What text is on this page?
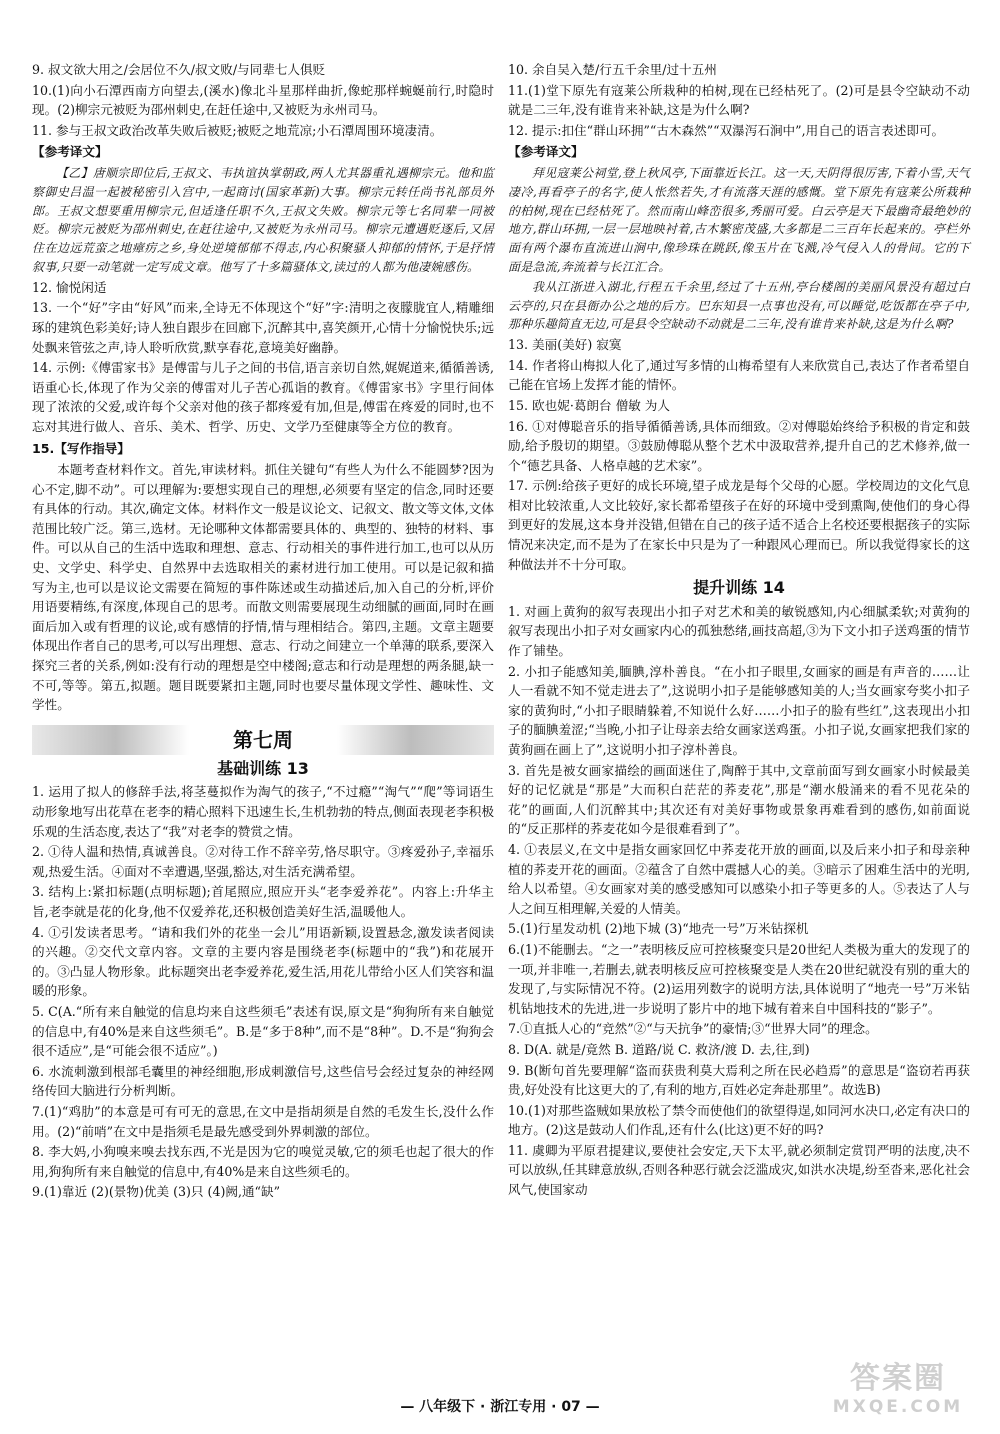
9. 叔文欲大用之/会居位不久/叔文败/与同辈七人俱贬

10.(1)向小石潭西南方向望去,(溪水)像北斗星那样曲折,像蛇那样蜿蜒前行,时隐时现。(2)柳宗元被贬为邵州刺史,在赶任途中,又被贬为永州司马。

11. 参与王叔文政治改革失败后被贬;被贬之地荒凉;小石潭周围环境凄清。

【参考译文】

【乙】唐顺宗即位后,王叔文、韦执谊执掌朝政,两人尤其器重礼遇柳宗元。他和监察御史吕温一起被秘密引入宫中,一起商讨(国家革新)大事。柳宗元转任尚书礼部员外郎。王叔文想要重用柳宗元,但适逢任职不久,王叔文失败。柳宗元等七名同辈一同被贬。柳宗元被贬为邵州刺史,在赶往途中,又被贬为永州司马。柳宗元遭遇贬逐后,又居住在边远荒蛮之地瘴疠之乡,身处逆境郁郁不得志,内心积聚骚人抑郁的情怀,于是抒情叙事,只要一动笔就一定写成文章。他写了十多篇骚体文,读过的人都为他凄婉感伤。

12. 愉悦闲适

13. 一个“好”字由“好风”而来,全诗无不体现这个“好”字:清明之夜朦胧宜人,精雕细琢的建筑色彩美好;诗人独自跟步在回廊下,沉醉其中,喜笑颜开,心情十分愉悦快乐;远处飘来管弦之声,诗人聆听欣赏,默享春花,意境美好幽静。

14. 示例:《傅雷家书》是傅雷与儿子之间的书信,语言亲切自然,娓娓道来,循循善诱,语重心长,体现了作为父亲的傅雷对儿子苦心孤诣的教育。《傅雷家书》字里行间体现了浓浓的父爱,或许每个父亲对他的孩子都疼爱有加,但是,傅雷在疼爱的同时,也不忘对其进行做人、音乐、美术、哲学、历史、文学乃至健康等全方位的教育。

15.【写作指导】

本题考查材料作文。首先,审读材料。抓住关键句“有些人为什么不能圆梦?因为心不定,脚不动”。可以理解为:要想实现自己的理想,必须要有坚定的信念,同时还要有具体的行动。其次,确定文体。材料作文一般是议论文、记叙文、散文等文体,文体范围比较广泛。第三,选材。无论哪种文体都需要具体的、典型的、独特的材料、事件。可以从自己的生活中选取和理想、意志、行动相关的事件进行加工,也可以从历史、文学史、科学史、自然界中去选取相关的素材进行加工使用。可以是记叙和描写为主,也可以是议论文需要在简短的事件陈述或生动描述后,加入自己的分析,评价用语要精练,有深度,体现自己的思考。而散文则需要展现生动细腻的画面,同时在画面后加入或有哲理的议论,或有感情的抒情,情与理相结合。第四,主题。文章主题要体现出作者自己的思考,可以写出理想、意志、行动之间建立一个单薄的联系,要深入探究三者的关系,例如:没有行动的理想是空中楼阁;意志和行动是理想的两条腿,缺一不可,等等。第五,拟题。题目既要紧扣主题,同时也要尽量体现文学性、趣味性、文学性。

第七周
基础训练 13

1. 运用了拟人的修辞手法,将茎蔓拟作为淘气的孩子,“不过瘾”“淘气”“爬”等词语生动形象地写出花草在老李的精心照料下迅速生长,生机勃勃的特点,侧面表现老李积极乐观的生活态度,表达了“我”对老李的赞赏之情。

2. ①待人温和热情,真诚善良。②对待工作不辞辛劳,恪尽职守。③疼爱孙子,幸福乐观,热爱生活。④面对不幸遭遇,坚强,豁达,对生活充满希望。

3. 结构上:紧扣标题(点明标题);首尾照应,照应开头“老李爱养花”。内容上:升华主旨,老李就是花的化身,他不仅爱养花,还积极创造美好生活,温暖他人。

4. ①引发读者思考。“请和我们外的花坐一会儿”用语新颖,设置悬念,激发读者阅读的兴趣。②交代文章内容。文章的主要内容是围绕老李(标题中的“我”)和花展开的。③凸显人物形象。此标题突出老李爱养花,爱生活,用花儿带给小区人们笑容和温暖的形象。

5. C(A.“所有来自触觉的信息均来自这些须毛”表述有误,原文是“狗狗所有来自触觉的信息中,有40%是来自这些须毛”。B.是“多于8种”,而不是“8种”。D.不是“狗狗会很不适应”,是“可能会很不适应”。)

6. 水流刺激到根部毛囊里的神经细胞,形成刺激信号,这些信号会经过复杂的神经网络传回大脑进行分析判断。

7.(1)“鸡肋”的本意是可有可无的意思,在文中是指胡须是自然的毛发生长,没什么作用。(2)“前哨”在文中是指须毛是最先感受到外界刺激的部位。

8. 李大妈,小狗嗅来嗅去找东西,不光是因为它的嗅觉灵敏,它的须毛也起了很大的作用,狗狗所有来自触觉的信息中,有40%是来自这些须毛的。

9.(1)靠近 (2)(景物)优美 (3)只 (4)阙,通“缺”

10. 余自吴入楚/行五千余里/过十五州

11.(1)堂下原先有寇莱公所栽种的柏树,现在已经枯死了。(2)可是县令空缺动不动就是二三年,没有谁肯来补缺,这是为什么啊?

12. 提示:扣住“群山环拥”“古木森然”“双瀑泻石涧中”,用自己的语言表述即可。

【参考译文】

拜见寇莱公祠堂,登上秋风亭,下面靠近长江。这一天,天阴得很厉害,下着小雪,天气凄冷,再看亭子的名字,使人怅然若失,才有流落天涯的感慨。堂下原先有寇莱公所栽种的柏树,现在已经枯死了。然而南山峰峦很多,秀丽可爱。白云亭是天下最幽奇最绝妙的地方,群山环拥,一层一层地映衬着,古木繁密茂盛,大多都是二三百年长起来的。亭栏外面有两个瀑布直流进山涧中,像珍珠在跳跃,像玉片在飞溅,冷气侵入人的骨间。它的下面是急流,奔流着与长江汇合。

我从江浙进入湖北,行程五千余里,经过了十五州,亭台楼阁的美丽风景没有超过白云亭的,只在县衙办公之地的后方。巴东知县一点事也没有,可以睡觉,吃饭都在亭子中,那种乐趣简直无边,可是县令空缺动不动就是二三年,没有谁肯来补缺,这是为什么啊?

13. 美丽(美好) 寂寞

14. 作者将山梅拟人化了,通过写多情的山梅希望有人来欣赏自己,表达了作者希望自己能在官场上发挥才能的情怀。

15. 欧也妮·葛朗台 僧敏 为人

16. ①对傅聪音乐的指导循循善诱,具体而细致。②对傅聪始终给予积极的肯定和鼓励,给予殷切的期望。③鼓励傅聪从整个艺术中汲取营养,提升自己的艺术修养,做一个“德艺具备、人格卓越的艺术家”。

17. 示例:给孩子更好的成长环境,望子成龙是每个父母的心愿。学校周边的文化气息相对比较浓重,人文比较好,家长都希望孩子在好的环境中受到熏陶,使他们的身心得到更好的发展,这本身并没错,但错在自己的孩子适不适合上名校还要根据孩子的实际情况来决定,而不是为了在家长中只是为了一种跟风心理而已。所以我觉得家长的这种做法并不十分可取。

提升训练 14

1. 对画上黄狗的叙写表现出小扣子对艺术和美的敏锐感知,内心细腻柔软;对黄狗的叙写表现出小扣子对女画家内心的孤独愁绪,画技高超,③为下文小扣子送鸡蛋的情节作了铺垫。

2. 小扣子能感知美,腼腆,淳朴善良。“在小扣子眼里,女画家的画是有声音的……让人一看就不知不觉走进去了”,这说明小扣子是能够感知美的人;当女画家夸奖小扣子家的黄狗时,“小扣子眼睛躲着,不知说什么好……小扣子的脸有些红”,这表现出小扣子的腼腆羞涩;“当晚,小扣子让母亲去给女画家送鸡蛋。小扣子说,女画家把我们家的黄狗画在画上了”,这说明小扣子淳朴善良。

3. 首先是被女画家描绘的画面迷住了,陶醉于其中,文章前面写到女画家小时候最美好的记忆就是“那是”大而积白茫茫的荞麦花”,那是“潮水般涌来的看不见花朵的花”的画面,人们沉醉其中;其次还有对美好事物或景象再难看到的感伤,如前面说的“反正那样的荞麦花如今是很难看到了”。

4. ①表层义,在文中是指女画家回忆中荞麦花开放的画面,以及后来小扣子和母亲种植的荞麦开花的画面。②蕴含了自然中震撼人心的美。③暗示了困难生活中的光明,给人以希望。④女画家对美的感受感知可以感染小扣子等更多的人。⑤表达了人与人之间互相理解,关爱的人情美。

5.(1)行星发动机 (2)地下城 (3)“地壳一号”万米钻探机

6.(1)不能删去。“之一”表明核反应可控核聚变只是20世纪人类极为重大的发现了的一项,并非唯一,若删去,就表明核反应可控核聚变是人类在20世纪就没有别的重大的发现了,与实际情况不符。(2)运用列数字的说明方法,具体说明了“地壳一号”万米钻机钻地技术的先进,进一步说明了影片中的地下城有着来自中国科技的“影子”。

7.①直抵人心的“竞然”②“与天抗争”的豪情;③“世界大同”的理念。

8. D(A. 就是/竟然 B. 道路/说 C. 救济/渡 D. 去,往,到)

9. B(断句首先要理解“盗而获贵利莫大焉利之所在民必趋焉”的意思是“盗窃若再获贵,好处没有比这更大的了,有利的地方,百姓必定奔赴那里”。故选B)

10.(1)对那些盗贼如果放松了禁令而使他们的欲望得逞,如同河水决口,必定有决口的地方。(2)这是鼓动人们作乱,还有什么(比这)更不好的吗?

11. 虞卿为平原君提建议,要使社会安定,天下太平,就必须制定赏罚严明的法度,决不可以放纵,任其肆意放纵,否则各种恶行就会泛滥成灾,如洪水决堤,纷至沓来,恶化社会风气,使国家动

— 八年级下 · 浙江专用 · 07 —
答案圈
MXQE.COM
